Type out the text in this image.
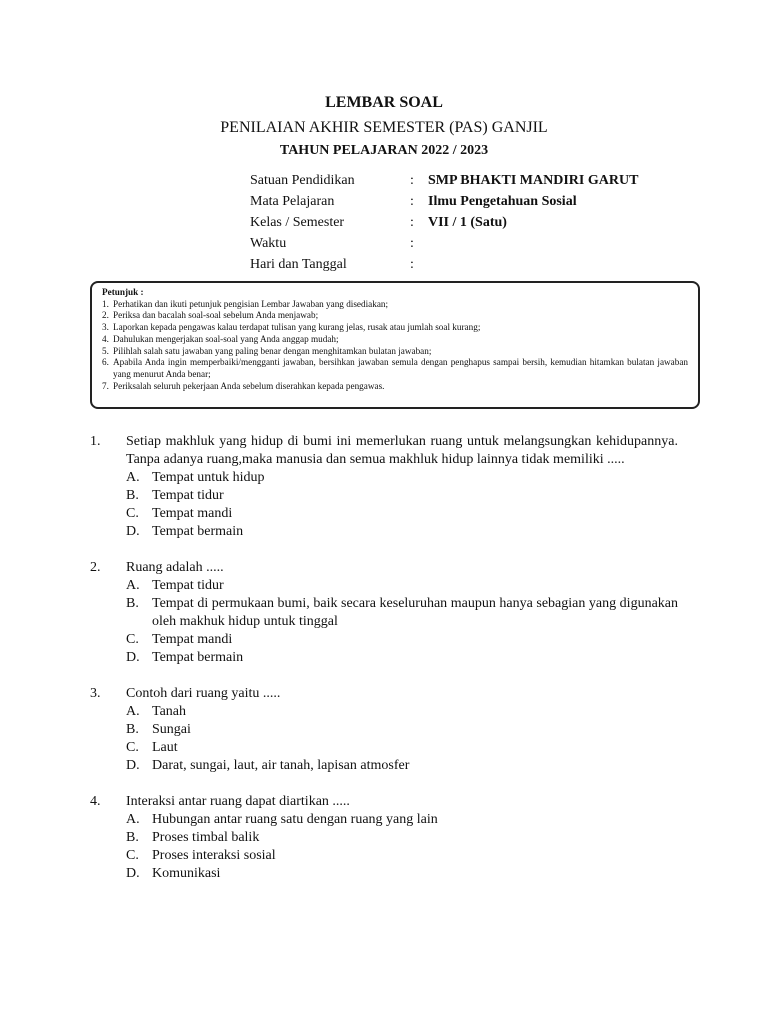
LEMBAR SOAL
PENILAIAN AKHIR SEMESTER (PAS) GANJIL
TAHUN PELAJARAN 2022 / 2023
Satuan Pendidikan	:	SMP BHAKTI MANDIRI GARUT
Mata Pelajaran	:	Ilmu Pengetahuan Sosial
Kelas / Semester	:	VII / 1 (Satu)
Waktu	:
Hari dan Tanggal	:
Petunjuk :
1. Perhatikan dan ikuti petunjuk pengisian Lembar Jawaban yang disediakan;
2. Periksa dan bacalah soal-soal sebelum Anda menjawab;
3. Laporkan kepada pengawas kalau terdapat tulisan yang kurang jelas, rusak atau jumlah soal kurang;
4. Dahulukan mengerjakan soal-soal yang Anda anggap mudah;
5. Pilihlah salah satu jawaban yang paling benar dengan menghitamkan bulatan jawaban;
6. Apabila Anda ingin memperbaiki/mengganti jawaban, bersihkan jawaban semula dengan penghapus sampai bersih, kemudian hitamkan bulatan jawaban yang menurut Anda benar;
7. Periksalah seluruh pekerjaan Anda sebelum diserahkan kepada pengawas.
1.	Setiap makhluk yang hidup di bumi ini memerlukan ruang untuk melangsungkan kehidupannya. Tanpa adanya ruang,maka manusia dan semua makhluk hidup lainnya tidak memiliki .....
A. Tempat untuk hidup
B. Tempat tidur
C. Tempat mandi
D. Tempat bermain
2.	Ruang adalah .....
A. Tempat tidur
B. Tempat di permukaan bumi, baik secara keseluruhan maupun hanya sebagian yang digunakan oleh makhuk hidup untuk tinggal
C. Tempat mandi
D. Tempat bermain
3.	Contoh dari ruang yaitu .....
A. Tanah
B. Sungai
C. Laut
D. Darat, sungai, laut, air tanah, lapisan atmosfer
4.	Interaksi antar ruang dapat diartikan .....
A. Hubungan antar ruang satu dengan ruang yang lain
B. Proses timbal balik
C. Proses interaksi sosial
D. Komunikasi
